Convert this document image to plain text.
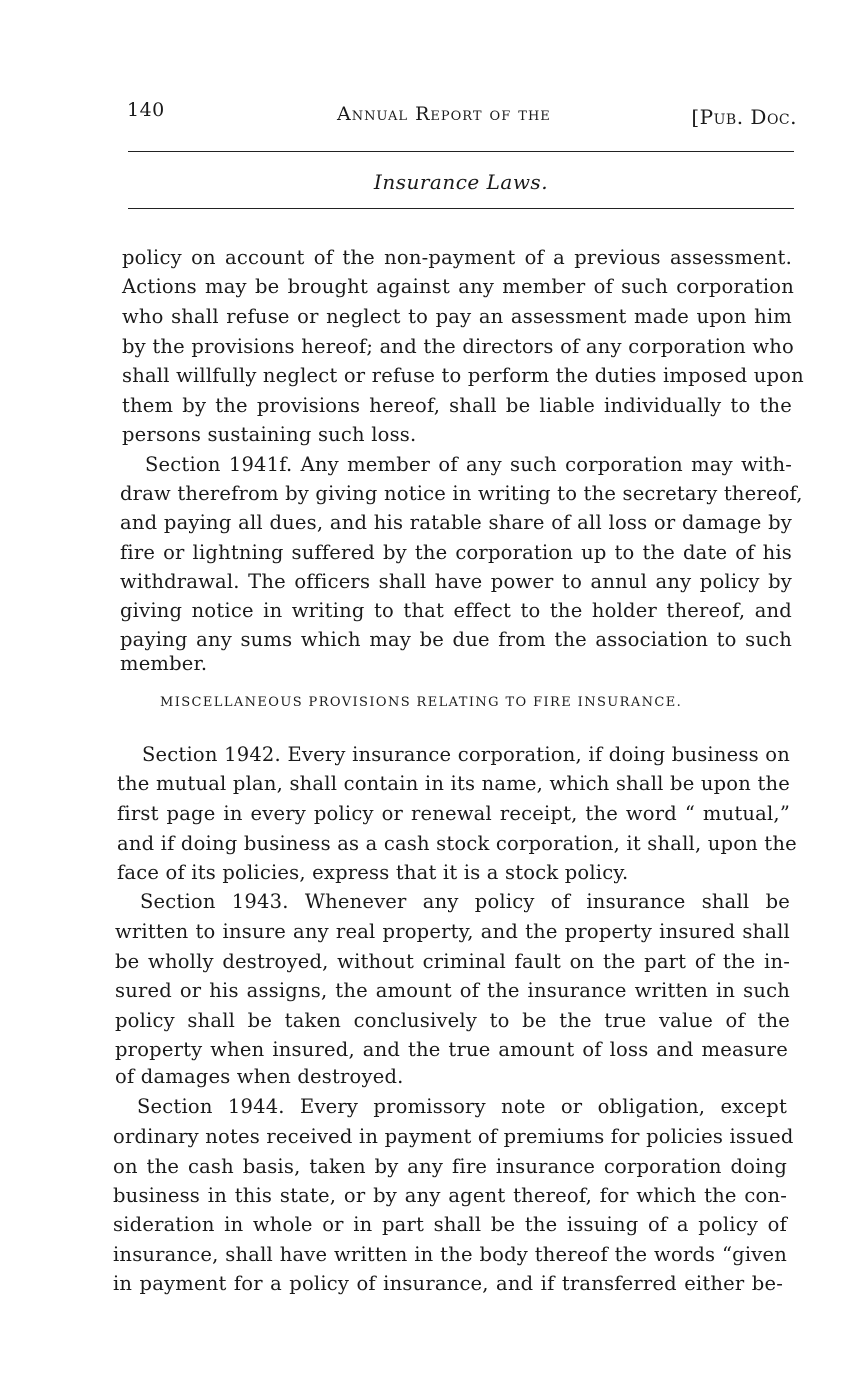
140	Annual Report of the	[Pub. Doc.
Insurance Laws.
policy on account of the non-payment of a previous assessment.
Actions may be brought against any member of such corporation
who shall refuse or neglect to pay an assessment made upon him
by the provisions hereof; and the directors of any corporation who
shall willfully neglect or refuse to perform the duties imposed upon
them by the provisions hereof, shall be liable individually to the
persons sustaining such loss.
Section 1941f. Any member of any such corporation may with-
draw therefrom by giving notice in writing to the secretary thereof,
and paying all dues, and his ratable share of all loss or damage by
fire or lightning suffered by the corporation up to the date of his
withdrawal. The officers shall have power to annul any policy by
giving notice in writing to that effect to the holder thereof, and
paying any sums which may be due from the association to such
member.
MISCELLANEOUS PROVISIONS RELATING TO FIRE INSURANCE.
Section 1942. Every insurance corporation, if doing business on
the mutual plan, shall contain in its name, which shall be upon the
first page in every policy or renewal receipt, the word “ mutual,”
and if doing business as a cash stock corporation, it shall, upon the
face of its policies, express that it is a stock policy.
Section 1943. Whenever any policy of insurance shall be
written to insure any real property, and the property insured shall
be wholly destroyed, without criminal fault on the part of the in-
sured or his assigns, the amount of the insurance written in such
policy shall be taken conclusively to be the true value of the
property when insured, and the true amount of loss and measure
of damages when destroyed.
Section 1944. Every promissory note or obligation, except
ordinary notes received in payment of premiums for policies issued
on the cash basis, taken by any fire insurance corporation doing
business in this state, or by any agent thereof, for which the con-
sideration in whole or in part shall be the issuing of a policy of
insurance, shall have written in the body thereof the words “given
in payment for a policy of insurance, and if transferred either be-
